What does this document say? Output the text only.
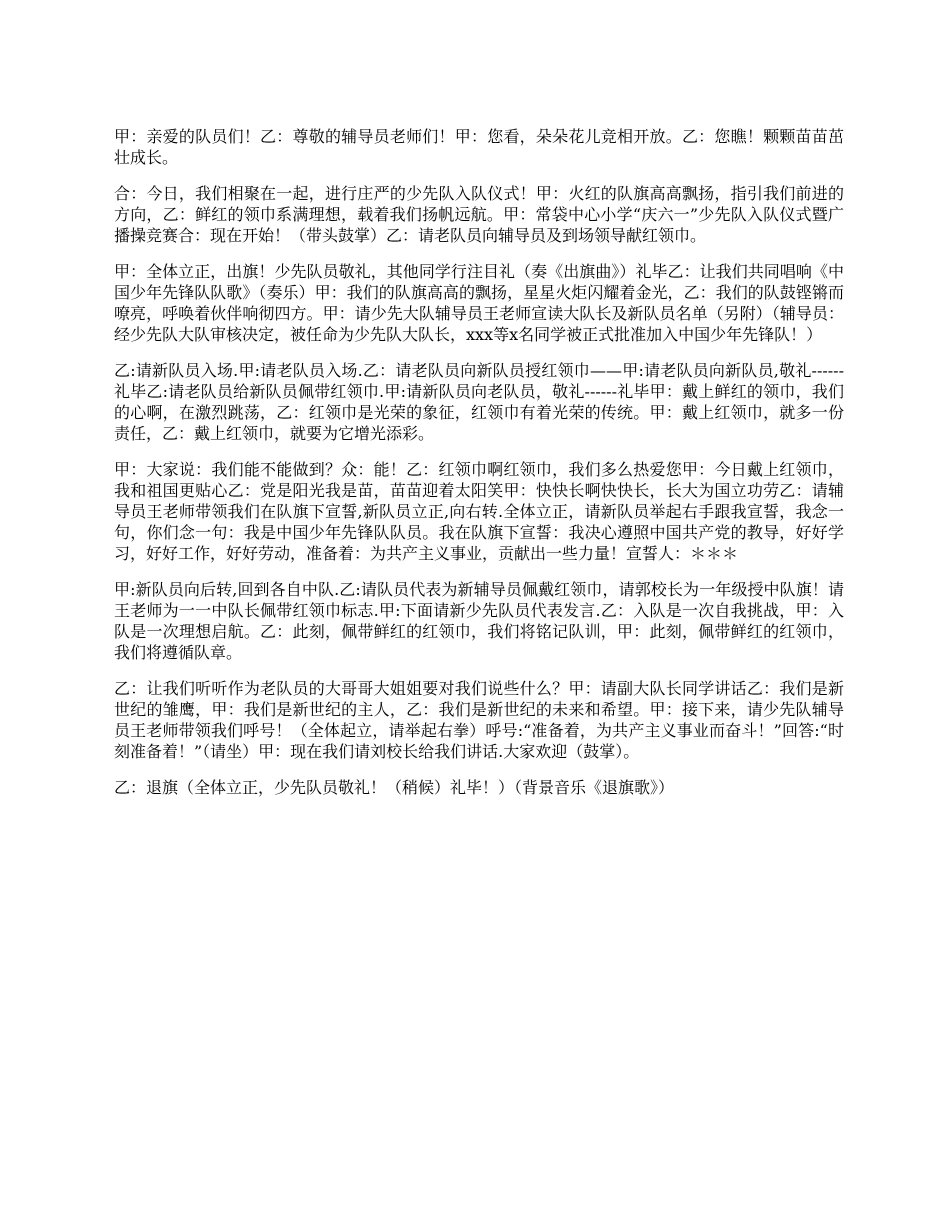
甲：亲爱的队员们！乙：尊敬的辅导员老师们！甲：您看，朵朵花儿竞相开放。乙：您瞧！颗颗苗苗茁壮成长。

合：今日，我们相聚在一起，进行庄严的少先队入队仪式！甲：火红的队旗高高飘扬，指引我们前进的方向，乙：鲜红的领巾系满理想，载着我们扬帆远航。甲：常袋中心小学“庆六一”少先队入队仪式暨广播操竞赛合：现在开始！（带头鼓掌）乙：请老队员向辅导员及到场领导献红领巾。

甲：全体立正，出旗！少先队员敬礼，其他同学行注目礼（奏《出旗曲》）礼毕乙：让我们共同唱响《中国少年先锋队队歌》（奏乐）甲：我们的队旗高高的飘扬，星星火炬闪耀着金光，乙：我们的队鼓铿锵而嘹亮，呼唤着伙伴响彻四方。甲：请少先大队辅导员王老师宣读大队长及新队员名单（另附）（辅导员：经少先队大队审核决定，被任命为少先队大队长，xxx等x名同学被正式批准加入中国少年先锋队！）

乙:请新队员入场.甲:请老队员入场.乙：请老队员向新队员授红领巾——甲:请老队员向新队员,敬礼------礼毕乙:请老队员给新队员佩带红领巾.甲:请新队员向老队员，敬礼------礼毕甲：戴上鲜红的领巾，我们的心啊，在激烈跳荡，乙：红领巾是光荣的象征，红领巾有着光荣的传统。甲：戴上红领巾，就多一份责任，乙：戴上红领巾，就要为它增光添彩。

甲：大家说：我们能不能做到？众：能！乙：红领巾啊红领巾，我们多么热爱您甲：今日戴上红领巾，我和祖国更贴心乙：党是阳光我是苗，苗苗迎着太阳笑甲：快快长啊快快长，长大为国立功劳乙：请辅导员王老师带领我们在队旗下宣誓,新队员立正,向右转.全体立正，请新队员举起右手跟我宣誓，我念一句，你们念一句：我是中国少年先锋队队员。我在队旗下宣誓：我决心遵照中国共产党的教导，好好学习，好好工作，好好劳动，准备着：为共产主义事业，贡献出一些力量！宣誓人：＊＊＊

甲:新队员向后转,回到各自中队.乙:请队员代表为新辅导员佩戴红领巾，请郭校长为一年级授中队旗！请王老师为一一中队长佩带红领巾标志.甲:下面请新少先队员代表发言.乙：入队是一次自我挑战，甲：入队是一次理想启航。乙：此刻，佩带鲜红的红领巾，我们将铭记队训，甲：此刻，佩带鲜红的红领巾，我们将遵循队章。

乙：让我们听听作为老队员的大哥哥大姐姐要对我们说些什么？甲：请副大队长同学讲话乙：我们是新世纪的雏鹰，甲：我们是新世纪的主人，乙：我们是新世纪的未来和希望。甲：接下来，请少先队辅导员王老师带领我们呼号！（全体起立，请举起右拳）呼号:“准备着，为共产主义事业而奋斗！”回答:“时刻准备着！”（请坐）甲：现在我们请刘校长给我们讲话.大家欢迎（鼓掌）。

乙：退旗（全体立正，少先队员敬礼！（稍候）礼毕！）（背景音乐《退旗歌》）
